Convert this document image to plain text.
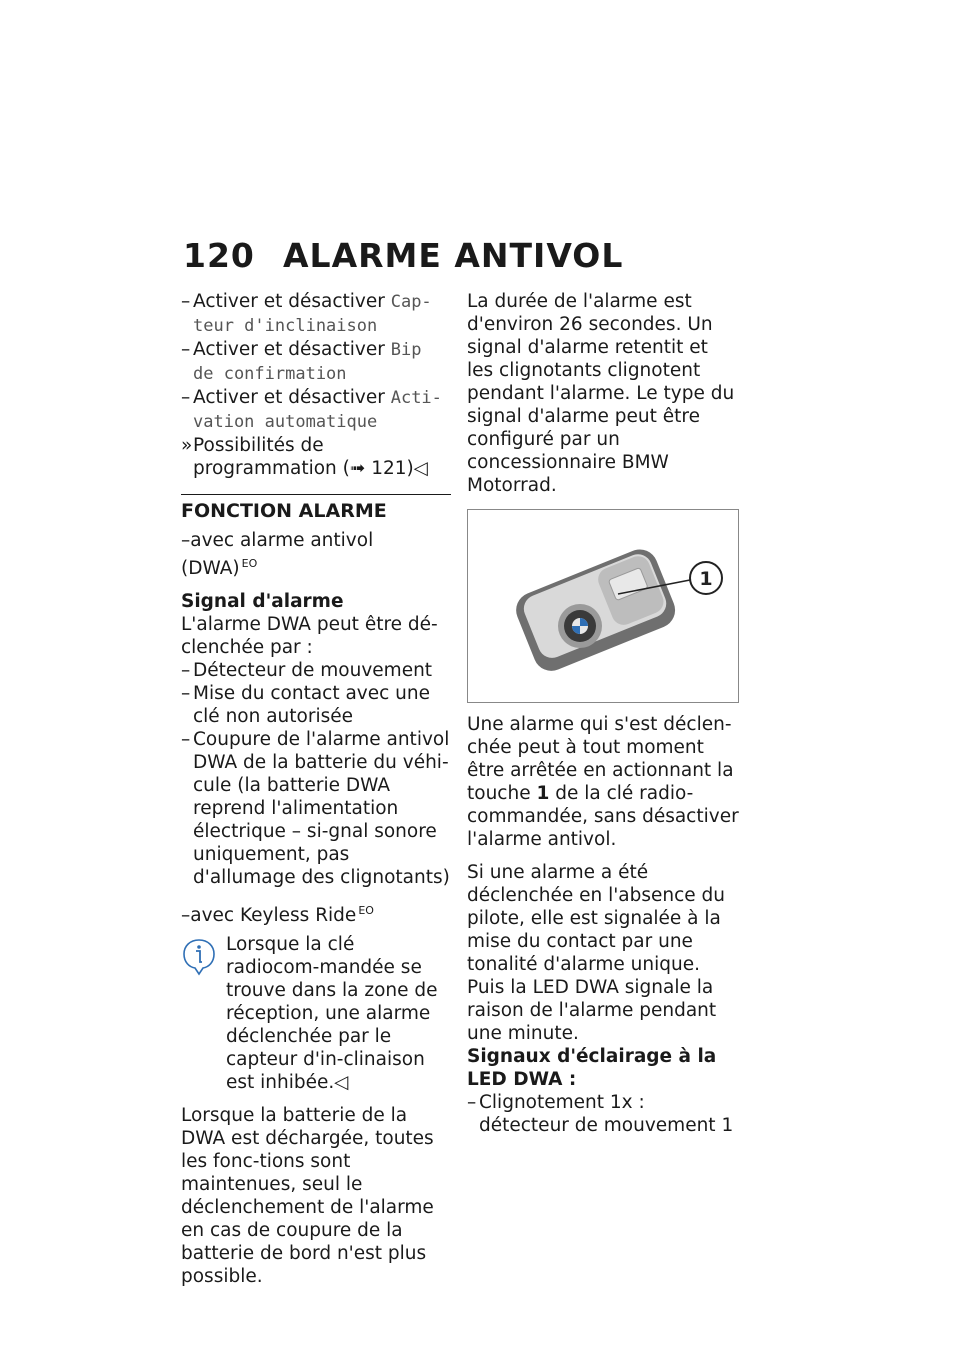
120 ALARME ANTIVOL
– Activer et désactiver Cap-teur d'inclinaison
– Activer et désactiver Bip de confirmation
– Activer et désactiver Acti-vation automatique
» Possibilités de programmation (➟ 121)◁
FONCTION ALARME
–avec alarme antivol (DWA) $^{EO}$
Signal d'alarme
L'alarme DWA peut être dé-clenchée par :
– Détecteur de mouvement
– Mise du contact avec une clé non autorisée
– Coupure de l'alarme antivol DWA de la batterie du véhi-cule (la batterie DWA reprend l'alimentation électrique – si-gnal sonore uniquement, pas d'allumage des clignotants)
–avec Keyless Ride $^{EO}$
Lorsque la clé radiocom-mandée se trouve dans la zone de réception, une alarme déclenchée par le capteur d'in-clinaison est inhibée.◁
Lorsque la batterie de la DWA est déchargée, toutes les fonc-tions sont maintenues, seul le déclenchement de l'alarme en cas de coupure de la batterie de bord n'est plus possible.
La durée de l'alarme est d'environ 26 secondes. Un signal d'alarme retentit et les clignotants clignotent pendant l'alarme. Le type du signal d'alarme peut être configuré par un concessionnaire BMW Motorrad.
1
Une alarme qui s'est déclen-chée peut à tout moment être arrêtée en actionnant la touche 1 de la clé radio-commandée, sans désactiver l'alarme antivol.
Si une alarme a été déclenchée en l'absence du pilote, elle est signalée à la mise du contact par une tonalité d'alarme unique. Puis la LED DWA signale la raison de l'alarme pendant une minute.
Signaux d'éclairage à la LED DWA :
– Clignotement 1x : détecteur de mouvement 1
